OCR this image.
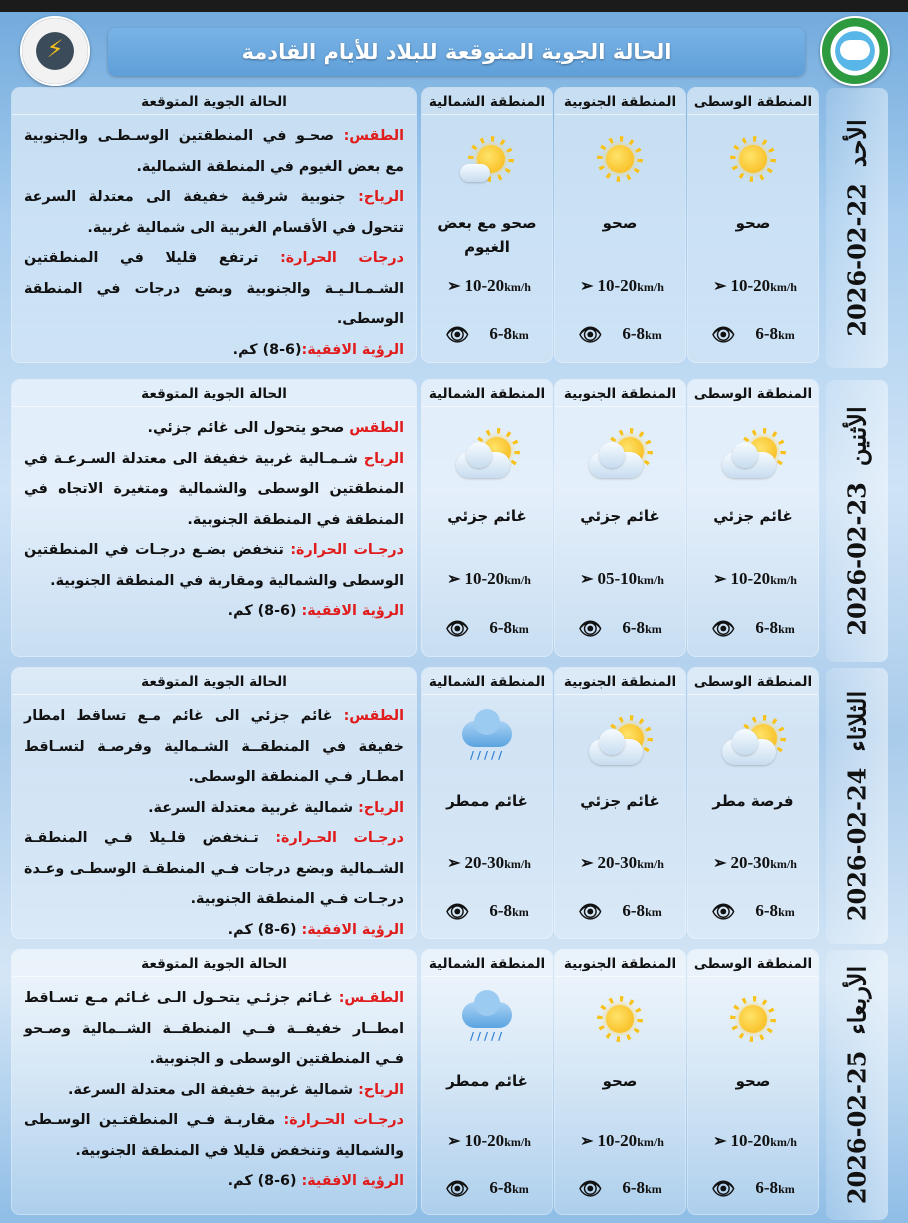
⚡
الحالة الجوية المتوقعة للبلاد للأيام القادمة
الأحد
2026-02-22
المنطقة الوسطى
صحو
➢ 10-20km/h
👁 6-8km
المنطقة الجنوبية
صحو
➢ 10-20km/h
👁 6-8km
المنطقة الشمالية
صحو مع بعض الغيوم
➢ 10-20km/h
👁 6-8km
الحالة الجوية المتوقعة
الطقس: صحـو في المنطقتين الوسـطـى والجنوبية مع بعض الغيوم في المنطقة الشمالية.
الرياح: جنوبية شرقية خفيفة الى معتدلة السرعة تتحول في الأقسام الغربية الى شمالية غربية.
درجات الحرارة: ترتفع قليلا في المنطقتين الشـمـالـيـة والجنوبية وبضع درجات في المنطقة الوسطى.
الرؤية الافقية:(6-8) كم.
الأثنين
2026-02-23
المنطقة الوسطى
غائم جزئي
➢ 10-20km/h
👁 6-8km
المنطقة الجنوبية
غائم جزئي
➢ 05-10km/h
👁 6-8km
المنطقة الشمالية
غائم جزئي
➢ 10-20km/h
👁 6-8km
الحالة الجوية المتوقعة
الطقس صحو يتحول الى غائم جزئي.
الرياح شـمـالية غربية خفيفة الى معتدلة السـرعـة في المنطقتين الوسطى والشمالية ومتغيرة الاتجاه في المنطقة في المنطقة الجنوبية.
درجـات الحرارة: تنخفض بضـع درجـات في المنطقتين الوسطى والشمالية ومقاربة في المنطقة الجنوبية.
الرؤية الافقية: (6-8) كم.
الثلاثاء
2026-02-24
المنطقة الوسطى
فرصة مطر
➢ 20-30km/h
👁 6-8km
المنطقة الجنوبية
غائم جزئي
➢ 20-30km/h
👁 6-8km
المنطقة الشمالية
/////
غائم ممطر
➢ 20-30km/h
👁 6-8km
الحالة الجوية المتوقعة
الطقس: غائم جزئي الى غائم مـع تساقط امطار خفيفة في المنطقــة الشـمالية وفرصـة لتسـاقط امطـار فـي المنطقة الوسطى.
الرياح: شمالية غربية معتدلة السرعة.
درجـات الحـرارة: تـنخفض قلـيلا فـي المنطقـة الشـمالية وبضع درجات فـي المنطقـة الوسطـى وعـدة درجـات فـي المنطقة الجنوبية.
الرؤية الافقية: (6-8) كم.
الأربعاء
2026-02-25
المنطقة الوسطى
صحو
➢ 10-20km/h
👁 6-8km
المنطقة الجنوبية
صحو
➢ 10-20km/h
👁 6-8km
المنطقة الشمالية
/////
غائم ممطر
➢ 10-20km/h
👁 6-8km
الحالة الجوية المتوقعة
الطقـس: غـائم جزئـي يتحـول الـى غـائم مـع تسـاقط امطــار خفيفــة فــي المنطقــة الشــمالية وصـحو فـي المنطقتين الوسطى و الجنوبية.
الرياح: شمالية غربية خفيفة الى معتدلة السرعة.
درجـات الحـرارة: مقاربـة فـي المنطقتـين الوسـطى والشمالية وتنخفض قليلا في المنطقة الجنوبية.
الرؤية الافقية: (6-8) كم.
